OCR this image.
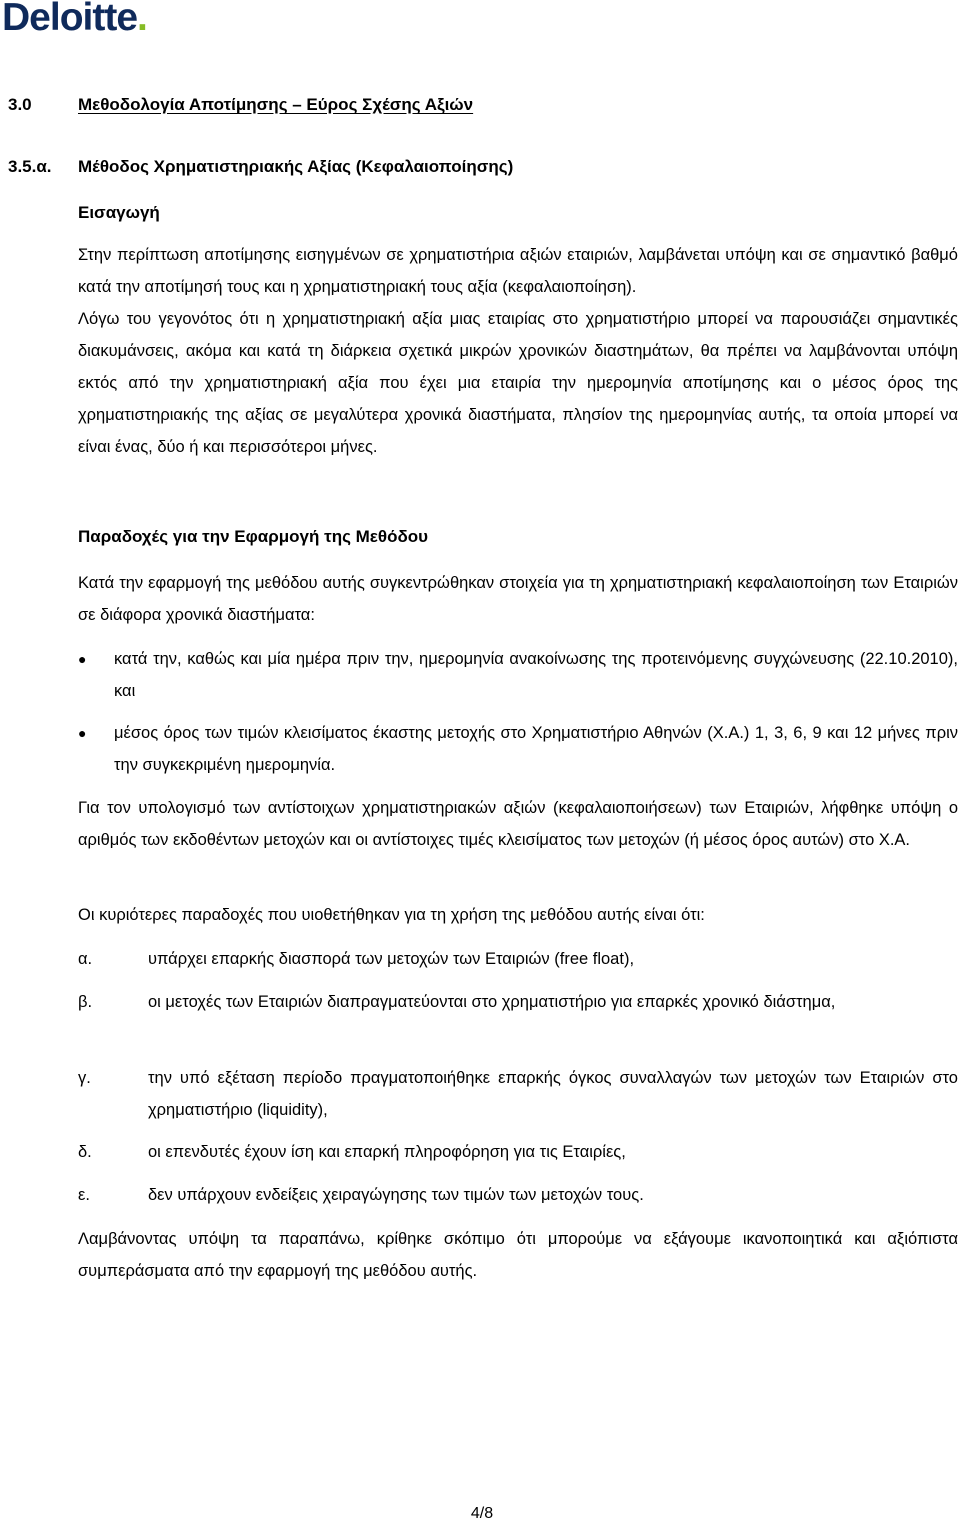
Deloitte.
3.0	Μεθοδολογία Αποτίμησης – Εύρος Σχέσης Αξιών
3.5.α. Μέθοδος Χρηματιστηριακής Αξίας (Κεφαλαιοποίησης)
Εισαγωγή

Στην περίπτωση αποτίμησης εισηγμένων σε χρηματιστήρια αξιών εταιριών, λαμβάνεται υπόψη και σε σημαντικό βαθμό κατά την αποτίμησή τους και η χρηματιστηριακή τους αξία (κεφαλαιοποίηση).

Λόγω του γεγονότος ότι η χρηματιστηριακή αξία μιας εταιρίας στο χρηματιστήριο μπορεί να παρουσιάζει σημαντικές διακυμάνσεις, ακόμα και κατά τη διάρκεια σχετικά μικρών χρονικών διαστημάτων, θα πρέπει να λαμβάνονται υπόψη εκτός από την χρηματιστηριακή αξία που έχει μια εταιρία την ημερομηνία αποτίμησης και ο μέσος όρος της χρηματιστηριακής της αξίας σε μεγαλύτερα χρονικά διαστήματα, πλησίον της ημερομηνίας αυτής, τα οποία μπορεί να είναι ένας, δύο ή και περισσότεροι μήνες.

Παραδοχές για την Εφαρμογή της Μεθόδου

Κατά την εφαρμογή της μεθόδου αυτής συγκεντρώθηκαν στοιχεία για τη χρηματιστηριακή κεφαλαιοποίηση των Εταιριών σε διάφορα χρονικά διαστήματα:

●	κατά την, καθώς και μία ημέρα πριν την, ημερομηνία ανακοίνωσης της προτεινόμενης συγχώνευσης (22.10.2010), και
●	μέσος όρος των τιμών κλεισίματος έκαστης μετοχής στο Χρηματιστήριο Αθηνών (Χ.Α.) 1, 3, 6, 9 και 12 μήνες πριν την συγκεκριμένη ημερομηνία.

Για τον υπολογισμό των αντίστοιχων χρηματιστηριακών αξιών (κεφαλαιοποιήσεων) των Εταιριών, λήφθηκε υπόψη ο αριθμός των εκδοθέντων μετοχών και οι αντίστοιχες τιμές κλεισίματος των μετοχών (ή μέσος όρος αυτών) στο Χ.Α.

Οι κυριότερες παραδοχές που υιοθετήθηκαν για τη χρήση της μεθόδου αυτής είναι ότι:

α.	υπάρχει επαρκής διασπορά των μετοχών των Εταιριών (free float),
β.	οι μετοχές των Εταιριών διαπραγματεύονται στο χρηματιστήριο για επαρκές χρονικό διάστημα,
γ.	την υπό εξέταση περίοδο πραγματοποιήθηκε επαρκής όγκος συναλλαγών των μετοχών των Εταιριών στο χρηματιστήριο (liquidity),
δ.	οι επενδυτές έχουν ίση και επαρκή πληροφόρηση για τις Εταιρίες,
ε.	δεν υπάρχουν ενδείξεις χειραγώγησης των τιμών των μετοχών τους.

Λαμβάνοντας υπόψη τα παραπάνω, κρίθηκε σκόπιμο ότι μπορούμε να εξάγουμε ικανοποιητικά και αξιόπιστα συμπεράσματα από την εφαρμογή της μεθόδου αυτής.

4/8
